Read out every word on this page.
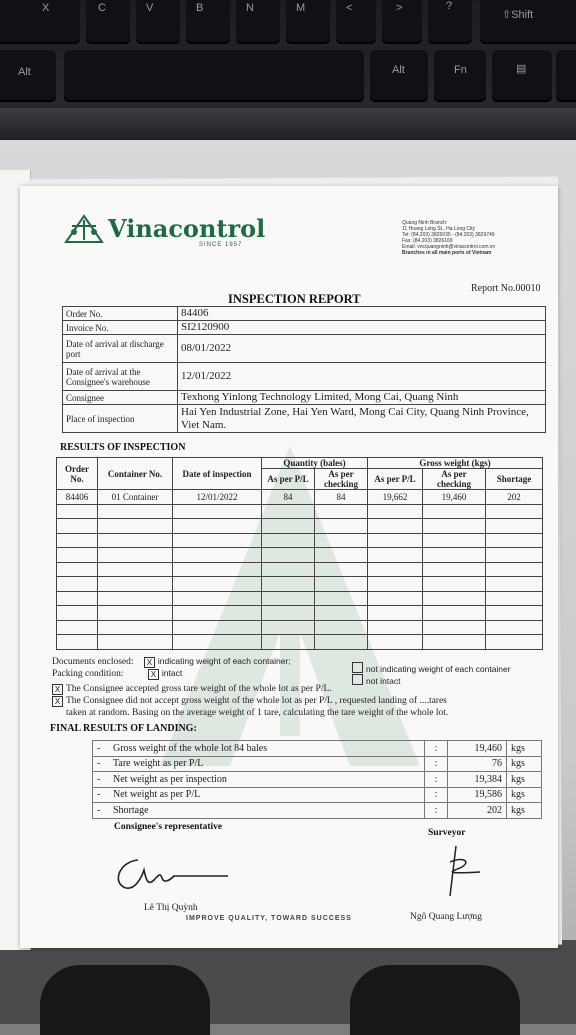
X	C	V	B	N	M	<	>	?
⇧Shift
Alt	Alt	Fn	▤
Vinacontrol
SINCE 1957
Quang Ninh Branch:
11 Hoang Long St., Ha Long City
Tel: (84.203) 3825635 - (84.203) 3829749
Fax: (84.203) 3826169
Email: vncquangninh@vinacontrol.com.vn
Branches in all main ports of Vietnam
Report No.00010
INSPECTION REPORT
Order No.	84406
Invoice No.	SI2120900
Date of arrival at discharge port	08/01/2022
Date of arrival at the Consignee's warehouse	12/01/2022
Consignee	Texhong Yinlong Technology Limited, Mong Cai, Quang Ninh
Place of inspection	Hai Yen Industrial Zone, Hai Yen Ward, Mong Cai City, Quang Ninh Province, Viet Nam.
RESULTS OF INSPECTION
Order No.	Container No.	Date of inspection	Quantity (bales)		Gross weight (kgs)		
			As per P/L	As per checking	As per P/L	As per checking	Shortage
84406	01 Container	12/01/2022	84	84	19,662	19,460	202

Documents enclosed: X indicating weight of each container;
not indicating weight of each container
Packing condition:	X intact
not intact
X The Consignee accepted gross tare weight of the whole lot as per P/L.
X The Consignee did not accept gross weight of the whole lot as per P/L , requested landing of ....tares
taken at random. Basing on the average weight of 1 tare, calculating the tare weight of the whole lot.
FINAL RESULTS OF LANDING:
-	Gross weight of the whole lot 84 bales	:	19,460	kgs
-	Tare weight as per P/L	:	76	kgs
-	Net weight as per inspection	:	19,384	kgs
-	Net weight as per P/L	:	19,586	kgs
-	Shortage	:	202	kgs
Consignee's representative
Surveyor
Lê Thị Quỳnh
Ngô Quang Lượng
IMPROVE QUALITY, TOWARD SUCCESS
